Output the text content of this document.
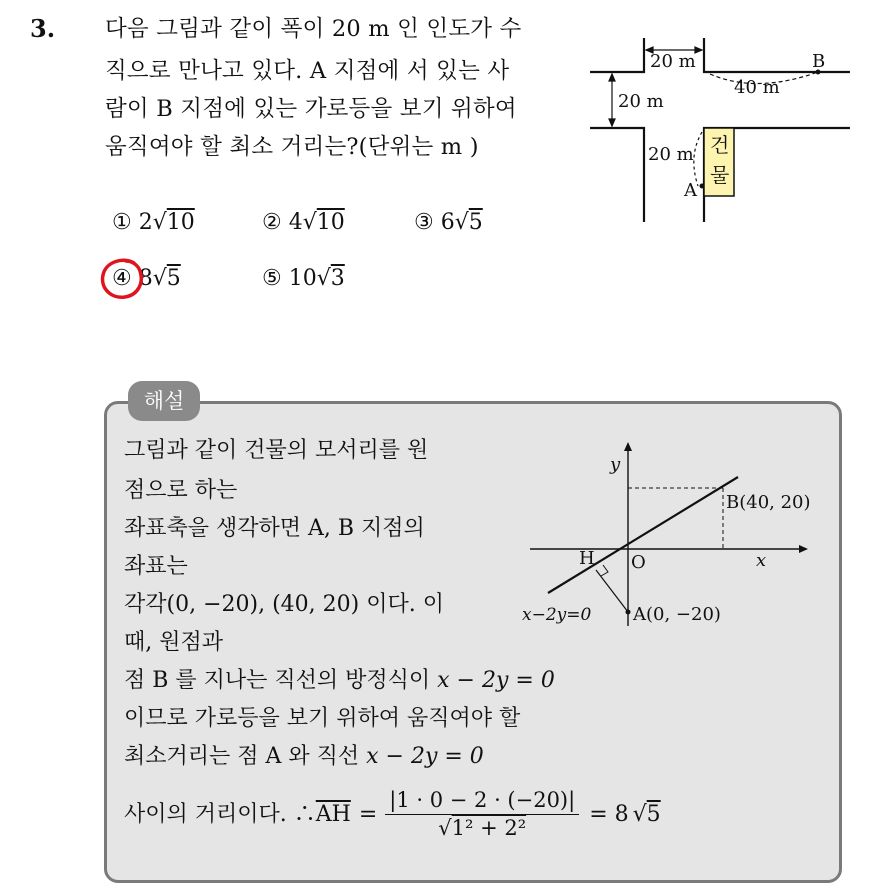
3. 다음 그림과 같이 폭이 20 m 인 인도가 수
직으로 만나고 있다. A 지점에 서 있는 사
람이 B 지점에 있는 가로등을 보기 위하여
움직여야 할 최소 거리는?(단위는 m )
① 2√10	② 4√10	③ 6√5
④ 8√5	⑤ 10√3
20 m
20 m
20 m
40 m
B
A
건
물
해설
그림과 같이 건물의 모서리를 원
점으로 하는
좌표축을 생각하면 A, B 지점의
좌표는
각각(0, −20), (40, 20) 이다. 이
때, 원점과
점 B 를 지나는 직선의 방정식이 x − 2y = 0
이므로 가로등을 보기 위하여 움직여야 할
최소거리는 점 A 와 직선 x − 2y = 0
사이의 거리이다. ∴ $\overline{AH} = \frac{|1 \cdot 0 - 2 \cdot (-20)|}{\text{√1² + 2²}} = 8$ √5
y
x
O
H
B(40, 20)
A(0, −20)
x−2y=0
